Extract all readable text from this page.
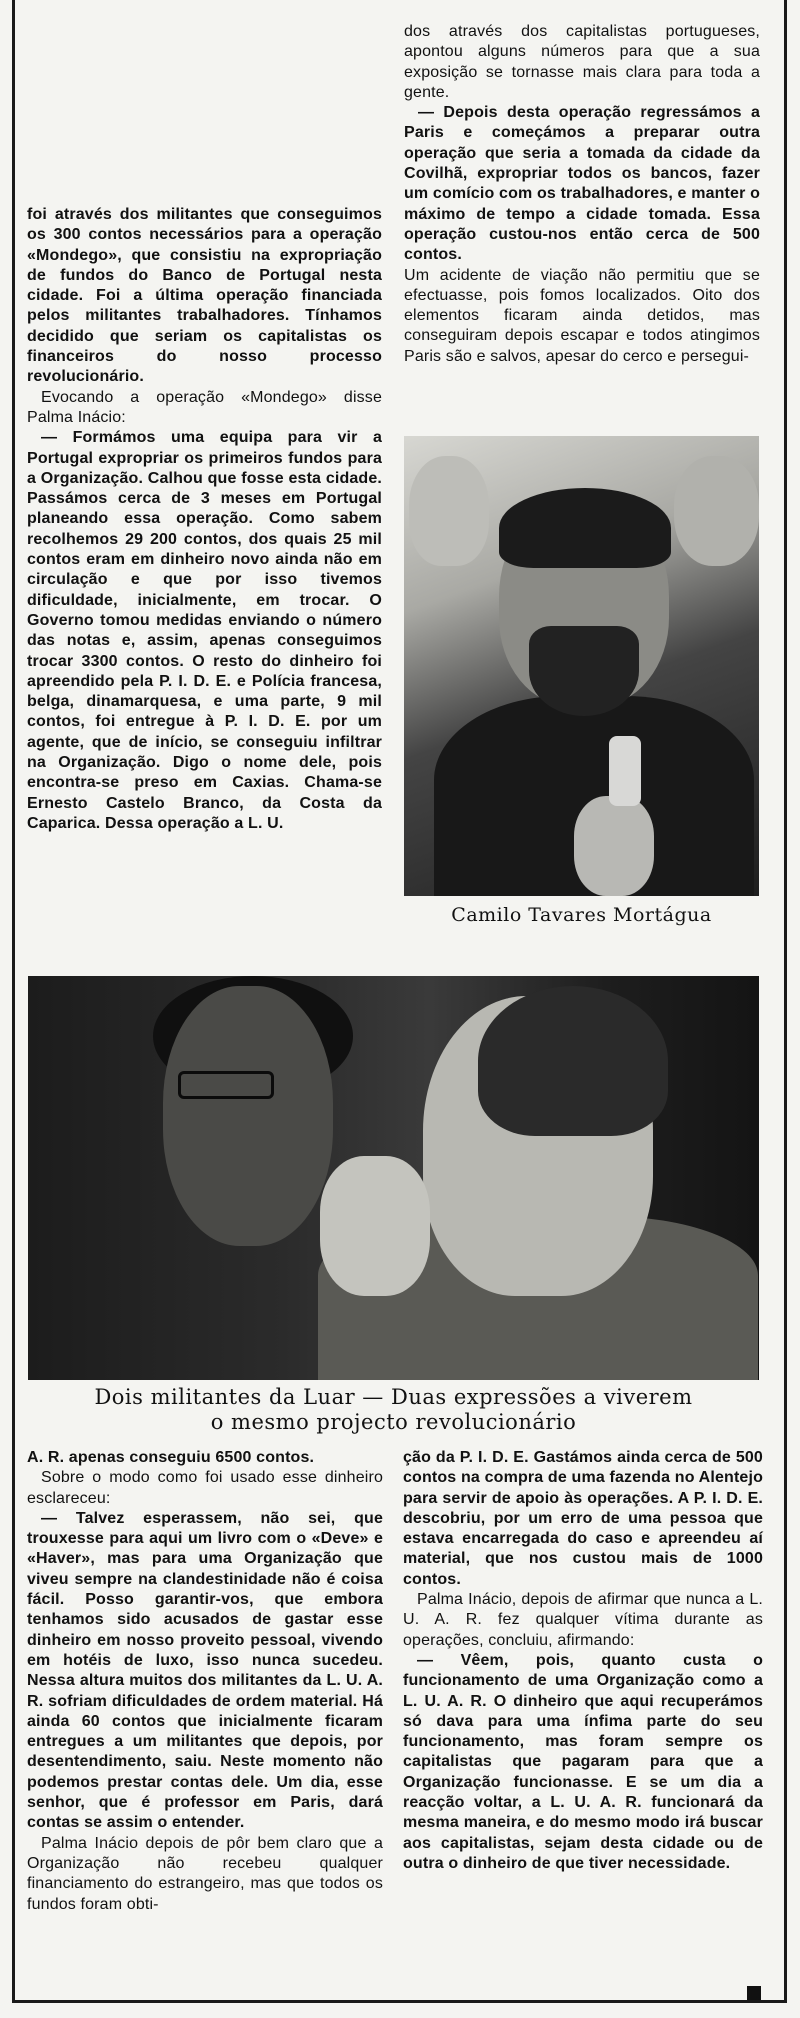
foi através dos militantes que conseguimos os 300 contos necessários para a operação «Mondego», que consistiu na expropriação de fundos do Banco de Portugal nesta cidade. Foi a última operação financiada pelos militantes trabalhadores. Tínhamos decidido que seriam os capitalistas os financeiros do nosso processo revolucionário.

Evocando a operação «Mondego» disse Palma Inácio:

— Formámos uma equipa para vir a Portugal expropriar os primeiros fundos para a Organização. Calhou que fosse esta cidade. Passámos cerca de 3 meses em Portugal planeando essa operação. Como sabem recolhemos 29 200 contos, dos quais 25 mil contos eram em dinheiro novo ainda não em circulação e que por isso tivemos dificuldade, inicialmente, em trocar. O Governo tomou medidas enviando o número das notas e, assim, apenas conseguimos trocar 3300 contos. O resto do dinheiro foi apreendido pela P. I. D. E. e Polícia francesa, belga, dinamarquesa, e uma parte, 9 mil contos, foi entregue à P. I. D. E. por um agente, que de início, se conseguiu infiltrar na Organização. Digo o nome dele, pois encontra-se preso em Caxias. Chama-se Ernesto Castelo Branco, da Costa da Caparica. Dessa operação a L. U.

dos através dos capitalistas portugueses, apontou alguns números para que a sua exposição se tornasse mais clara para toda a gente.

— Depois desta operação regressámos a Paris e começámos a preparar outra operação que seria a tomada da cidade da Covilhã, expropriar todos os bancos, fazer um comício com os trabalhadores, e manter o máximo de tempo a cidade tomada. Essa operação custou-nos então cerca de 500 contos.

Um acidente de viação não permitiu que se efectuasse, pois fomos localizados. Oito dos elementos ficaram ainda detidos, mas conseguiram depois escapar e todos atingimos Paris são e salvos, apesar do cerco e persegui-

Camilo Tavares Mortágua
Dois militantes da Luar — Duas expressões a viverem
o mesmo projecto revolucionário

A. R. apenas conseguiu 6500 contos.

Sobre o modo como foi usado esse dinheiro esclareceu:

— Talvez esperassem, não sei, que trouxesse para aqui um livro com o «Deve» e «Haver», mas para uma Organização que viveu sempre na clandestinidade não é coisa fácil. Posso garantir-vos, que embora tenhamos sido acusados de gastar esse dinheiro em nosso proveito pessoal, vivendo em hotéis de luxo, isso nunca sucedeu. Nessa altura muitos dos militantes da L. U. A. R. sofriam dificuldades de ordem material. Há ainda 60 contos que inicialmente ficaram entregues a um militantes que depois, por desentendimento, saiu. Neste momento não podemos prestar contas dele. Um dia, esse senhor, que é professor em Paris, dará contas se assim o entender.

Palma Inácio depois de pôr bem claro que a Organização não recebeu qualquer financiamento do estrangeiro, mas que todos os fundos foram obti-

ção da P. I. D. E. Gastámos ainda cerca de 500 contos na compra de uma fazenda no Alentejo para servir de apoio às operações. A P. I. D. E. descobriu, por um erro de uma pessoa que estava encarregada do caso e apreendeu aí material, que nos custou mais de 1000 contos.

Palma Inácio, depois de afirmar que nunca a L. U. A. R. fez qualquer vítima durante as operações, concluiu, afirmando:

— Vêem, pois, quanto custa o funcionamento de uma Organização como a L. U. A. R. O dinheiro que aqui recuperámos só dava para uma ínfima parte do seu funcionamento, mas foram sempre os capitalistas que pagaram para que a Organização funcionasse. E se um dia a reacção voltar, a L. U. A. R. funcionará da mesma maneira, e do mesmo modo irá buscar aos capitalistas, sejam desta cidade ou de outra o dinheiro de que tiver necessidade.
